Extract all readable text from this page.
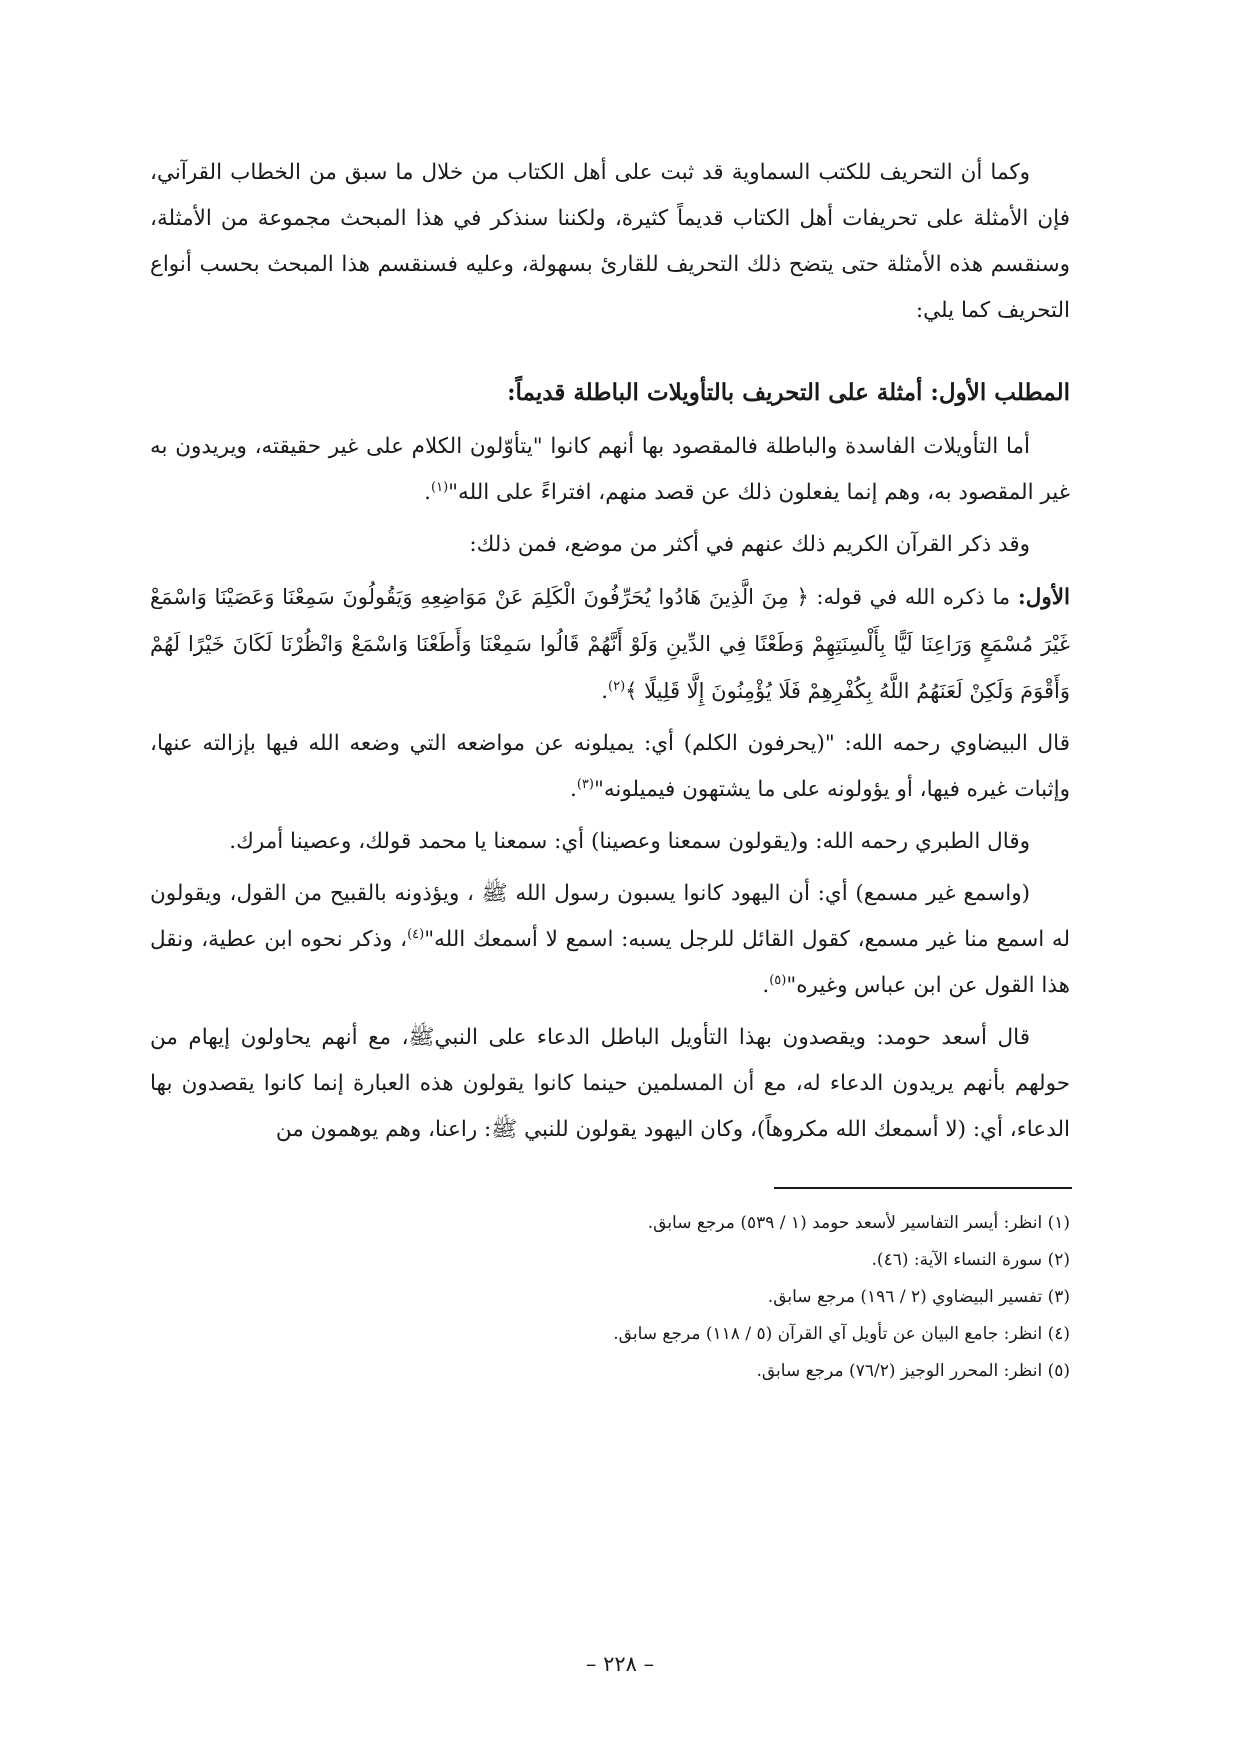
وكما أن التحريف للكتب السماوية قد ثبت على أهل الكتاب من خلال ما سبق من الخطاب القرآني، فإن الأمثلة على تحريفات أهل الكتاب قديماً كثيرة، ولكننا سنذكر في هذا المبحث مجموعة من الأمثلة، وسنقسم هذه الأمثلة حتى يتضح ذلك التحريف للقارئ بسهولة، وعليه فسنقسم هذا المبحث بحسب أنواع التحريف كما يلي:

المطلب الأول: أمثلة على التحريف بالتأويلات الباطلة قديماً:

أما التأويلات الفاسدة والباطلة فالمقصود بها أنهم كانوا "يتأوّلون الكلام على غير حقيقته، ويريدون به غير المقصود به، وهم إنما يفعلون ذلك عن قصد منهم، افتراءً على الله"$^{(١)}$.

وقد ذكر القرآن الكريم ذلك عنهم في أكثر من موضع، فمن ذلك:

الأول: ما ذكره الله في قوله: ﴿ مِنَ الَّذِينَ هَادُوا يُحَرِّفُونَ الْكَلِمَ عَنْ مَوَاضِعِهِ وَيَقُولُونَ سَمِعْنَا وَعَصَيْنَا وَاسْمَعْ غَيْرَ مُسْمَعٍ وَرَاعِنَا لَيًّا بِأَلْسِنَتِهِمْ وَطَعْنًا فِي الدِّينِ وَلَوْ أَنَّهُمْ قَالُوا سَمِعْنَا وَأَطَعْنَا وَاسْمَعْ وَانْظُرْنَا لَكَانَ خَيْرًا لَهُمْ وَأَقْوَمَ وَلَكِنْ لَعَنَهُمُ اللَّهُ بِكُفْرِهِمْ فَلَا يُؤْمِنُونَ إِلَّا قَلِيلًا ﴾$^{(٢)}$.

قال البيضاوي رحمه الله: "(يحرفون الكلم) أي: يميلونه عن مواضعه التي وضعه الله فيها بإزالته عنها، وإثبات غيره فيها، أو يؤولونه على ما يشتهون فيميلونه"$^{(٣)}$.

وقال الطبري رحمه الله: و(يقولون سمعنا وعصينا) أي: سمعنا يا محمد قولك، وعصينا أمرك.

(واسمع غير مسمع) أي: أن اليهود كانوا يسبون رسول الله ﷺ ، ويؤذونه بالقبيح من القول، ويقولون له اسمع منا غير مسمع، كقول القائل للرجل يسبه: اسمع لا أسمعك الله"$^{(٤)}$، وذكر نحوه ابن عطية، ونقل هذا القول عن ابن عباس وغيره"$^{(٥)}$.

قال أسعد حومد: ويقصدون بهذا التأويل الباطل الدعاء على النبيﷺ، مع أنهم يحاولون إيهام من حولهم بأنهم يريدون الدعاء له، مع أن المسلمين حينما كانوا يقولون هذه العبارة إنما كانوا يقصدون بها الدعاء، أي: (لا أسمعك الله مكروهاً)، وكان اليهود يقولون للنبي ﷺ: راعنا، وهم يوهمون من

(١) انظر: أيسر التفاسير لأسعد حومد (١ / ٥٣٩) مرجع سابق.
(٢) سورة النساء الآية: (٤٦).
(٣) تفسير البيضاوي (٢ / ١٩٦) مرجع سابق.
(٤) انظر: جامع البيان عن تأويل آي القرآن (٥ / ١١٨) مرجع سابق.
(٥) انظر: المحرر الوجيز (٧٦/٢) مرجع سابق.
– ٢٢٨ –
